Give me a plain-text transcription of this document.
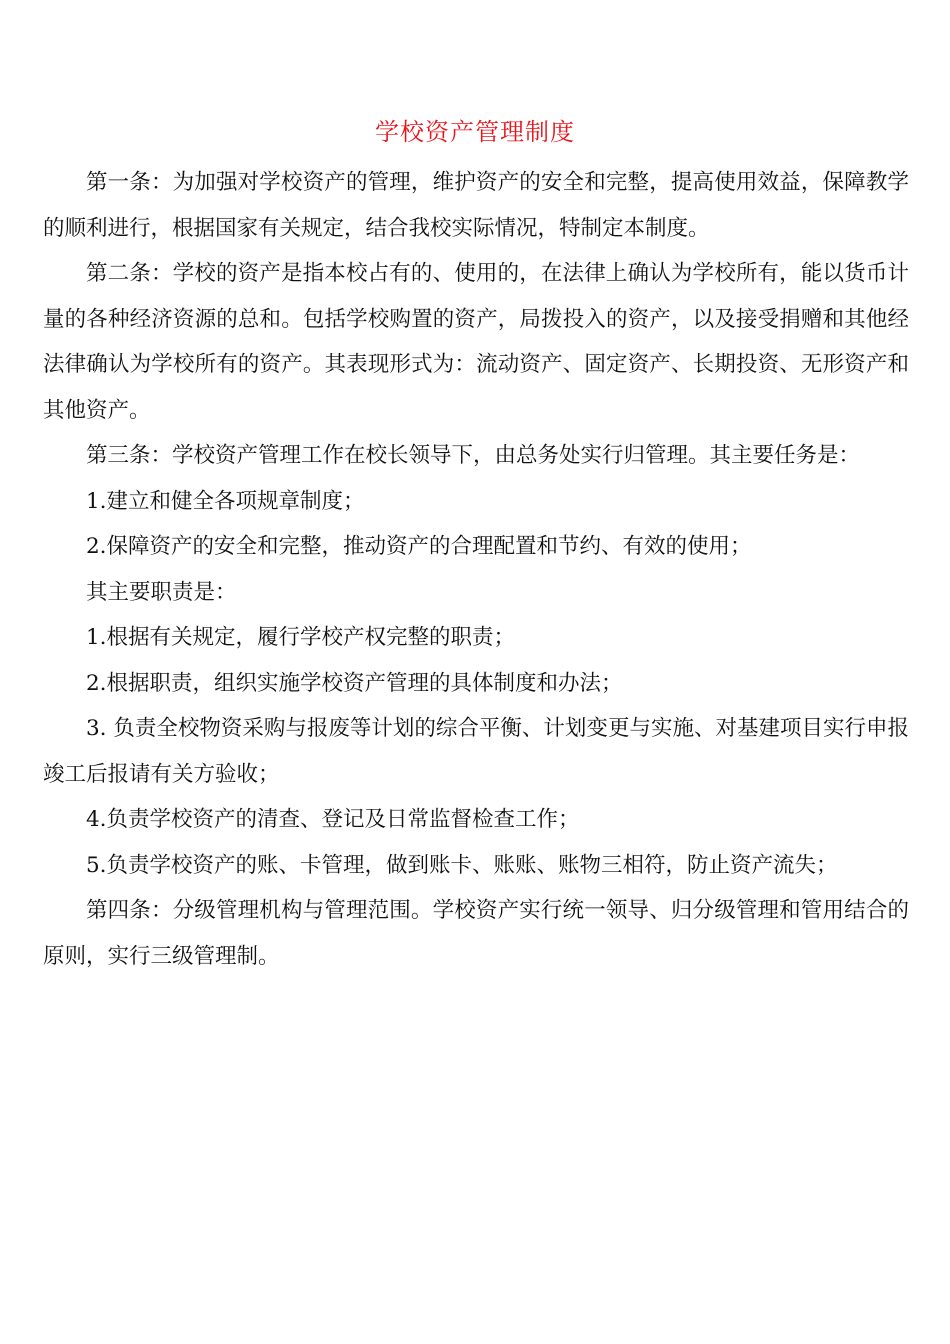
学校资产管理制度

第一条：为加强对学校资产的管理，维护资产的安全和完整，提高使用效益，保障教学的顺利进行，根据国家有关规定，结合我校实际情况，特制定本制度。

第二条：学校的资产是指本校占有的、使用的，在法律上确认为学校所有，能以货币计量的各种经济资源的总和。包括学校购置的资产，局拨投入的资产，以及接受捐赠和其他经法律确认为学校所有的资产。其表现形式为：流动资产、固定资产、长期投资、无形资产和其他资产。

第三条：学校资产管理工作在校长领导下，由总务处实行归管理。其主要任务是：

1.建立和健全各项规章制度；

2.保障资产的安全和完整，推动资产的合理配置和节约、有效的使用；

其主要职责是：

1.根据有关规定，履行学校产权完整的职责；

2.根据职责，组织实施学校资产管理的具体制度和办法；

3. 负责全校物资采购与报废等计划的综合平衡、计划变更与实施、对基建项目实行申报竣工后报请有关方验收；

4.负责学校资产的清查、登记及日常监督检查工作；

5.负责学校资产的账、卡管理，做到账卡、账账、账物三相符，防止资产流失；

第四条：分级管理机构与管理范围。学校资产实行统一领导、归分级管理和管用结合的原则，实行三级管理制。
